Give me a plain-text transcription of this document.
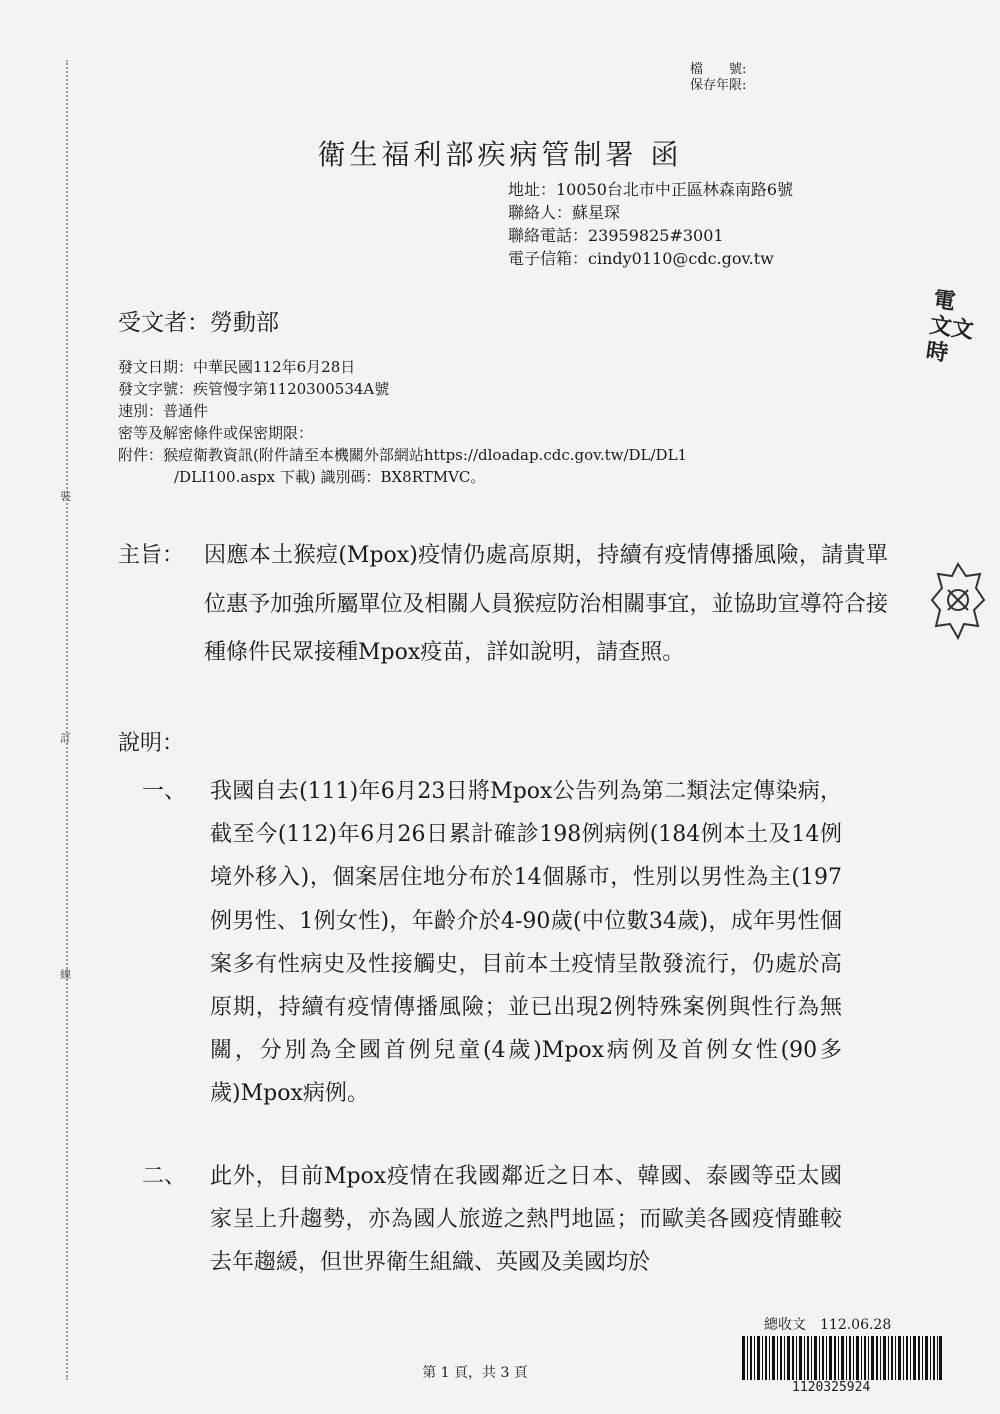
裝
訂
線
檔　　號:
保存年限:
衛生福利部疾病管制署 函
地址：10050台北市中正區林森南路6號
聯絡人：蘇星琛
聯絡電話：23959825#3001
電子信箱：cindy0110@cdc.gov.tw
受文者：勞動部
發文日期：中華民國112年6月28日
發文字號：疾管慢字第1120300534A號
速別：普通件
密等及解密條件或保密期限：
附件：猴痘衛教資訊(附件請至本機關外部網站https://dloadap.cdc.gov.tw/DL/DL1
/DLI100.aspx 下載) 識別碼：BX8RTMVC。
主旨： 因應本土猴痘(Mpox)疫情仍處高原期，持續有疫情傳播風險，請貴單位惠予加強所屬單位及相關人員猴痘防治相關事宜，並協助宣導符合接種條件民眾接種Mpox疫苗，詳如說明，請查照。
說明：
一、 我國自去(111)年6月23日將Mpox公告列為第二類法定傳染病，截至今(112)年6月26日累計確診198例病例(184例本土及14例境外移入)，個案居住地分布於14個縣市，性別以男性為主(197例男性、1例女性)，年齡介於4-90歲(中位數34歲)，成年男性個案多有性病史及性接觸史，目前本土疫情呈散發流行，仍處於高原期，持續有疫情傳播風險；並已出現2例特殊案例與性行為無關，分別為全國首例兒童(4歲)Mpox病例及首例女性(90多歲)Mpox病例。
二、 此外，目前Mpox疫情在我國鄰近之日本、韓國、泰國等亞太國家呈上升趨勢，亦為國人旅遊之熱門地區；而歐美各國疫情雖較去年趨緩，但世界衛生組織、英國及美國均於
電
文文
時
總收文　112.06.28
1120325924
第 1 頁，共 3 頁
